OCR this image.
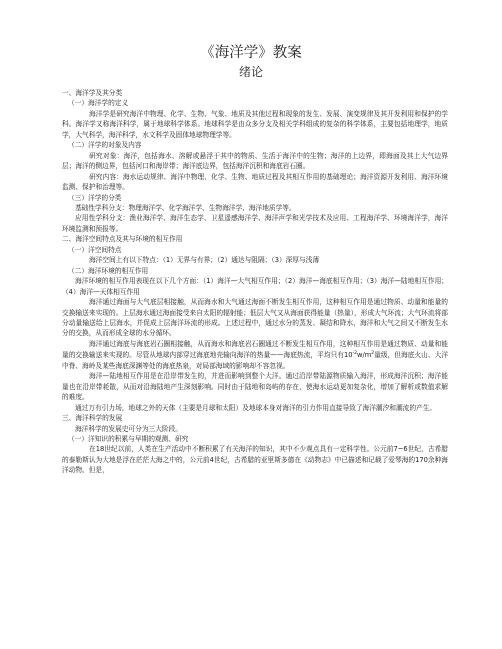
《海洋学》教案
绪论

一、海洋学及其分类

（一）海洋学的定义

海洋学是研究海洋中物理、化学、生物、气象、地质及其他过程和现象的发生、发展、演变规律及其开发利用和保护的学科。海洋学又称海洋科学，属于地球科学体系。地球科学是由众多分支及相关学科组成的复杂的科学体系，主要包括地理学，地质学，大气科学，海洋科学，水文科学及固体地球物理学等。

（二）洋学的对象及内容

研究对象：海洋，包括海水、溶解或悬浮于其中的物质、生活于海洋中的生物；海洋的上边界，即海面及其上大气边界层；海洋的侧边界，包括河口和海岸带；海洋底边界，包括海洋沉积和海底岩石圈。

研究内容：海水运动规律、海洋中物理、化学、生物、地质过程及其相互作用的基础理论；海洋资源开发利用、海洋环境监测、保护和治理等。

（三）洋学的分类

基础性学科分支：物理海洋学、化学海洋学、生物海洋学、海洋地质学等。

应用性学科分支：渔业海洋学、海洋生态学、卫星遥感海洋学、海洋声学和光学技术及应用、工程海洋学、环境海洋学，海洋环境监测和预报等。

二、海洋空间特点及其与环境的相互作用

（一）洋空间特点

海洋空间上有以下特点：（1）无界与有界；（2）通达与阻隔；（3）深厚与浅薄

（二）海洋环境的相互作用

海洋环境的相互作用表现在以下几个方面：（1）海洋—大气相互作用；（2）海洋—海底相互作用；（3）海洋—陆地相互作用；（4）海洋—天体相互作用

海洋通过海面与大气底层相接触，从而海水和大气通过海面不断发生相互作用，这种相互作用是通过物质、动量和能量的交换输送来实现的。上层海水通过海面接受来自太阳的辐射能；低层大气又从海面获得能量（热量），形成大气环流；大气环流将部分动量输送给上层海水，并促成上层海洋环流的形成。上述过程中，通过水分的蒸发、凝结和降水，海洋和大气之间又不断发生水分的交换，从而形成全球的水分循环。

海洋通过海底与海底岩石圈相接触，从而海水和海底岩石圈通过不断发生相互作用，这种相互作用是通过物质、动量和能量的交换输送来实现的。尽管从地球内部穿过海底地壳输向海洋的热量——海底热流，平均只有$10^{-2}w/m^2$量级，但海底火山、大洋中脊、海岭及某些海底深渊等处的海底热泉，对局部海域的影响却不容忽视。

海洋—陆地相互作用是在沿岸带发生的，并进而影响到整个大洋。通过沿岸带陆源物质输入海洋，形成海洋沉积；海洋能量也在沿岸带耗散，从而对沿海陆地产生深刻影响。同时由于陆地和岛屿的存在，使海水运动更加复杂化，增加了解析或数值求解的难度。

通过万有引力场，地球之外的天体（主要是月球和太阳）及地球本身对海洋的引力作用直接导致了海洋潮汐和潮流的产生。

三、海洋科学的发展

海洋科学的发展史可分为三大阶段。

（一）洋知识的积累与早期的观测、研究

在18世纪以前，人类在生产活动中不断积累了有关海洋的知识，其中不少观点具有一定科学性。公元前7~6世纪，古希腊的泰勒斯认为大地是浮在茫茫大海之中的，公元前4世纪，古希腊的亚里斯多德在《动物志》中已描述和记载了爱琴海的170余种海洋动物。但是，
